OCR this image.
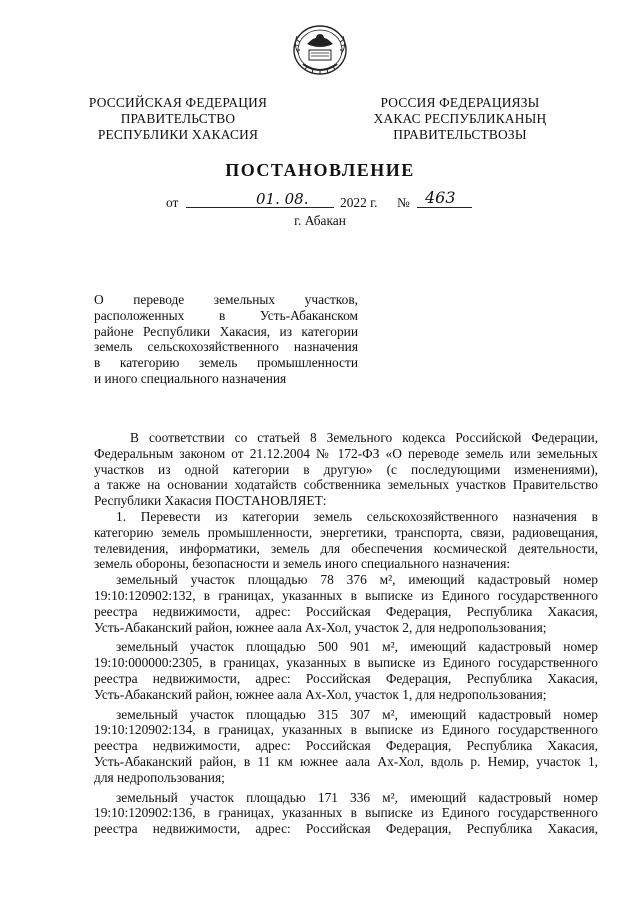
РОССИЙСКАЯ ФЕДЕРАЦИЯ
ПРАВИТЕЛЬСТВО
РЕСПУБЛИКИ ХАКАСИЯ
РОССИЯ ФЕДЕРАЦИЯЗЫ
ХАКАС РЕСПУБЛИКАНЫҢ
ПРАВИТЕЛЬСТВОЗЫ
ПОСТАНОВЛЕНИЕ
от	01. 08. 2022 г. № 463
г. Абакан
О переводе земельных участков,
расположенных в Усть-Абаканском
районе Республики Хакасия, из категории
земель сельскохозяйственного назначения
в категорию земель промышленности
и иного специального назначения
В соответствии со статьей 8 Земельного кодекса Российской Федерации,
Федеральным законом от 21.12.2004 № 172-ФЗ «О переводе земель или земельных
участков из одной категории в другую» (с последующими изменениями),
а также на основании ходатайств собственника земельных участков Правительство
Республики Хакасия ПОСТАНОВЛЯЕТ:
1. Перевести из категории земель сельскохозяйственного назначения в
категорию земель промышленности, энергетики, транспорта, связи, радиовещания,
телевидения, информатики, земель для обеспечения космической деятельности,
земель обороны, безопасности и земель иного специального назначения:
земельный участок площадью 78 376 м², имеющий кадастровый номер
19:10:120902:132, в границах, указанных в выписке из Единого государственного
реестра недвижимости, адрес: Российская Федерация, Республика Хакасия,
Усть-Абаканский район, южнее аала Ах-Хол, участок 2, для недропользования;
земельный участок площадью 500 901 м², имеющий кадастровый номер
19:10:000000:2305, в границах, указанных в выписке из Единого государственного
реестра недвижимости, адрес: Российская Федерация, Республика Хакасия,
Усть-Абаканский район, южнее аала Ах-Хол, участок 1, для недропользования;
земельный участок площадью 315 307 м², имеющий кадастровый номер
19:10:120902:134, в границах, указанных в выписке из Единого государственного
реестра недвижимости, адрес: Российская Федерация, Республика Хакасия,
Усть-Абаканский район, в 11 км южнее аала Ах-Хол, вдоль р. Немир, участок 1,
для недропользования;
земельный участок площадью 171 336 м², имеющий кадастровый номер
19:10:120902:136, в границах, указанных в выписке из Единого государственного
реестра недвижимости, адрес: Российская Федерация, Республика Хакасия,
